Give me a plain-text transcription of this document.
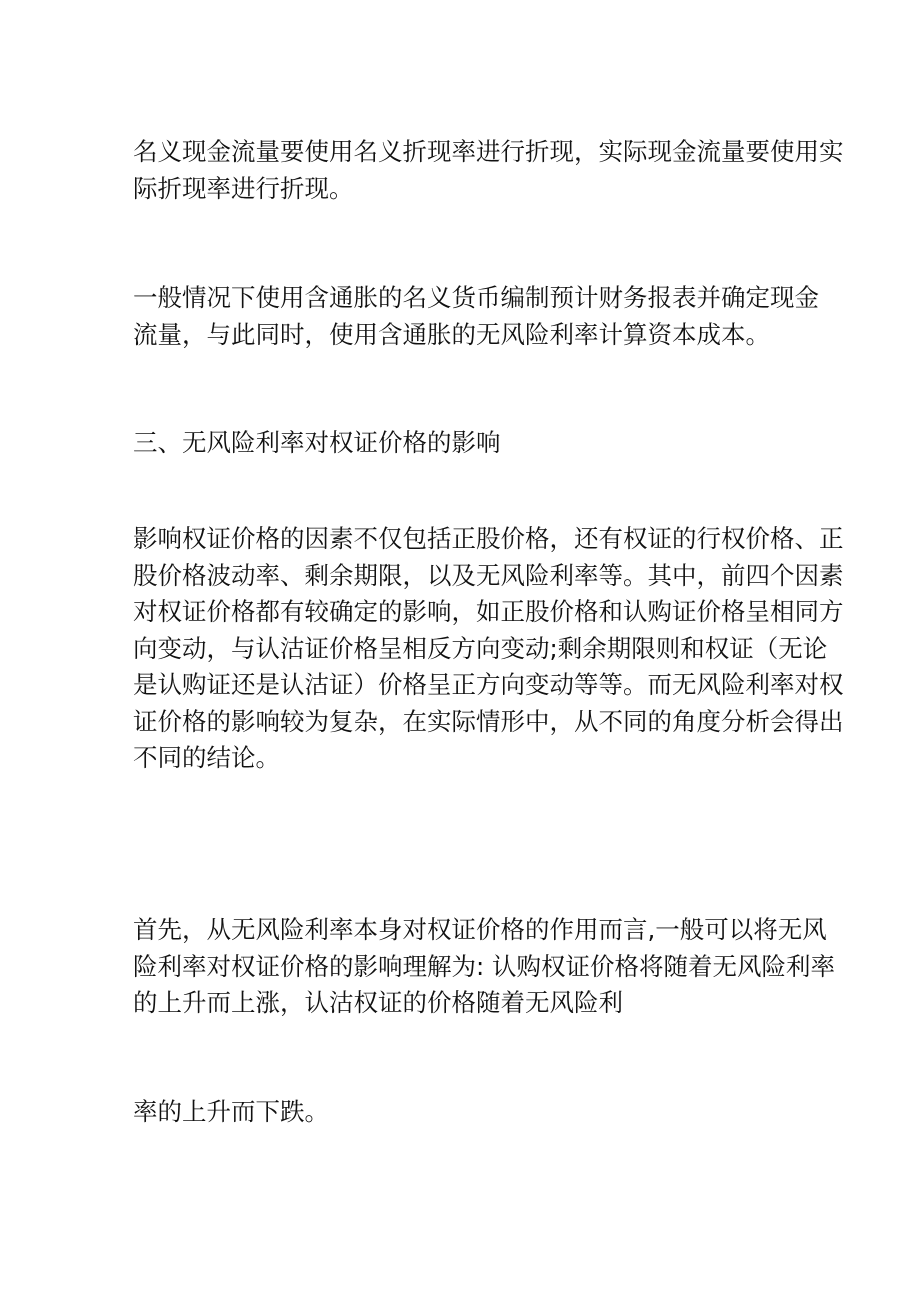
名义现金流量要使用名义折现率进行折现，实际现金流量要使用实
际折现率进行折现。

一般情况下使用含通胀的名义货币编制预计财务报表并确定现金
流量，与此同时，使用含通胀的无风险利率计算资本成本。

三、无风险利率对权证价格的影响

影响权证价格的因素不仅包括正股价格，还有权证的行权价格、正
股价格波动率、剩余期限，以及无风险利率等。其中，前四个因素
对权证价格都有较确定的影响，如正股价格和认购证价格呈相同方
向变动，与认沽证价格呈相反方向变动;剩余期限则和权证（无论
是认购证还是认沽证）价格呈正方向变动等等。而无风险利率对权
证价格的影响较为复杂，在实际情形中，从不同的角度分析会得出
不同的结论。

首先，从无风险利率本身对权证价格的作用而言,一般可以将无风
险利率对权证价格的影响理解为: 认购权证价格将随着无风险利率
的上升而上涨，认沽权证的价格随着无风险利

率的上升而下跌。
